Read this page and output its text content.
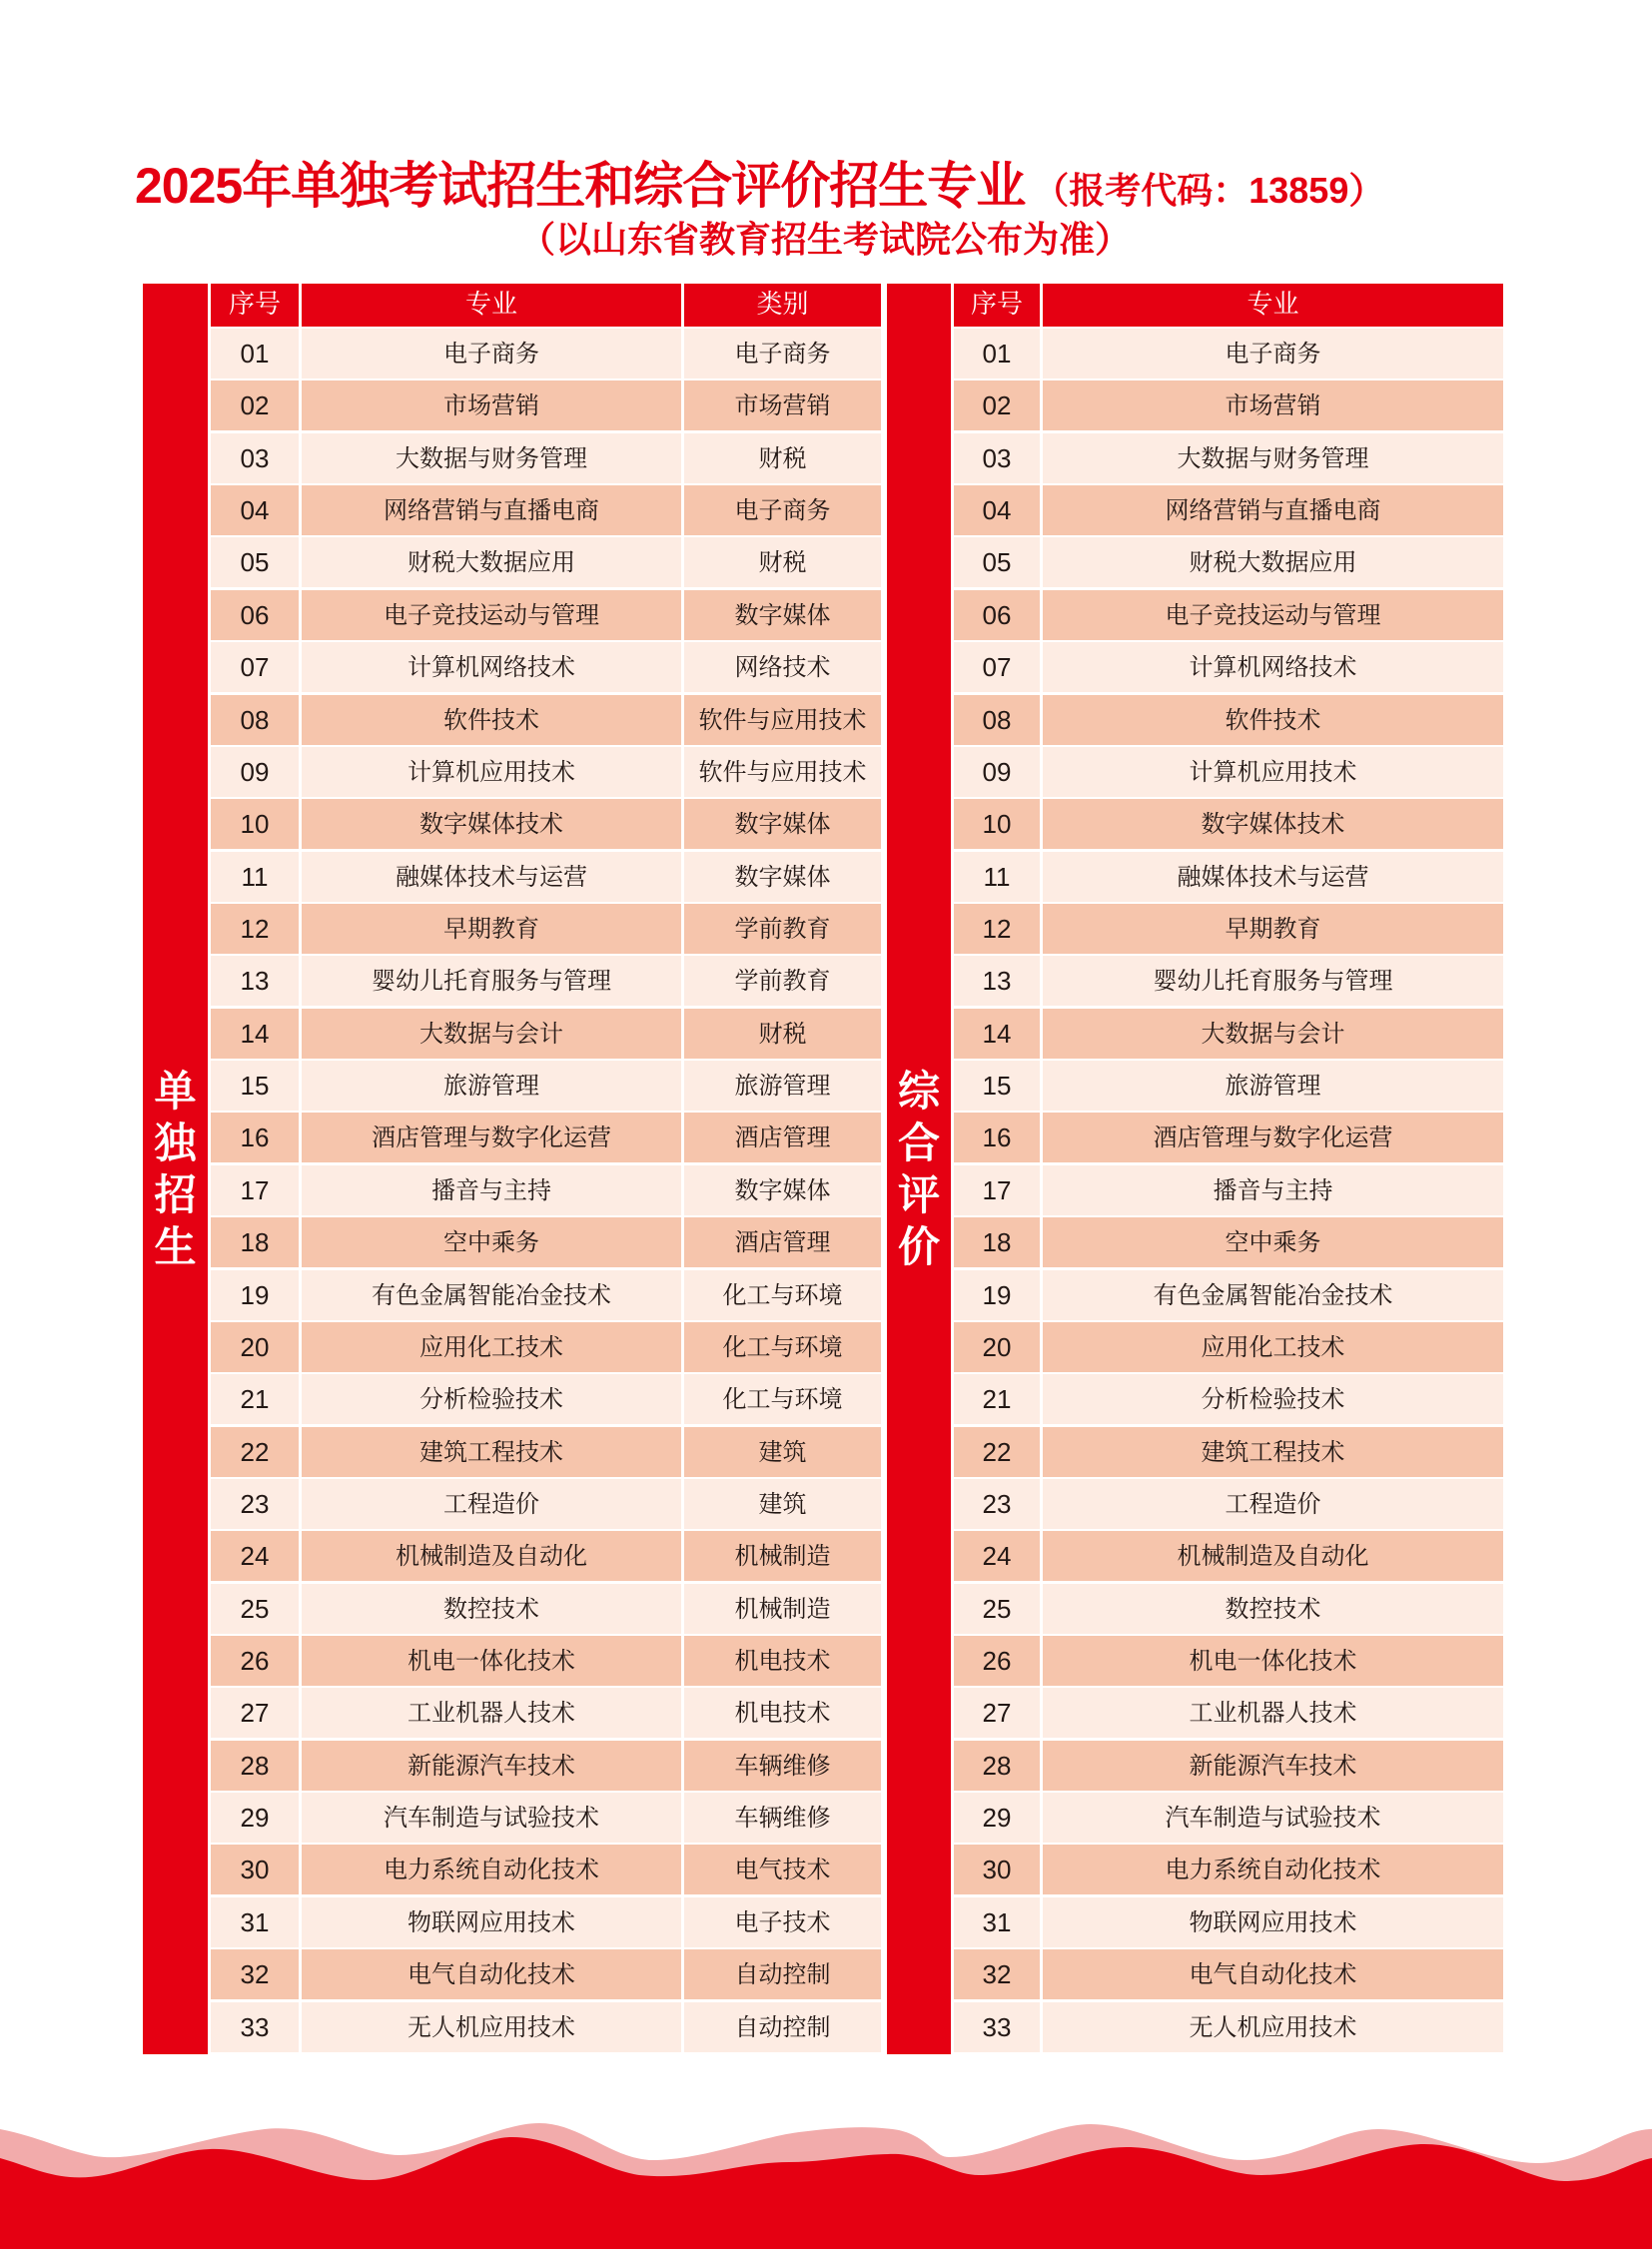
2025年单独考试招生和综合评价招生专业 （报考代码：13859）
（以山东省教育招生考试院公布为准）
单
独
招
生
序号	专业	类别
01	电子商务	电子商务
02	市场营销	市场营销
03	大数据与财务管理	财税
04	网络营销与直播电商	电子商务
05	财税大数据应用	财税
06	电子竞技运动与管理	数字媒体
07	计算机网络技术	网络技术
08	软件技术	软件与应用技术
09	计算机应用技术	软件与应用技术
10	数字媒体技术	数字媒体
11	融媒体技术与运营	数字媒体
12	早期教育	学前教育
13	婴幼儿托育服务与管理	学前教育
14	大数据与会计	财税
15	旅游管理	旅游管理
16	酒店管理与数字化运营	酒店管理
17	播音与主持	数字媒体
18	空中乘务	酒店管理
19	有色金属智能冶金技术	化工与环境
20	应用化工技术	化工与环境
21	分析检验技术	化工与环境
22	建筑工程技术	建筑
23	工程造价	建筑
24	机械制造及自动化	机械制造
25	数控技术	机械制造
26	机电一体化技术	机电技术
27	工业机器人技术	机电技术
28	新能源汽车技术	车辆维修
29	汽车制造与试验技术	车辆维修
30	电力系统自动化技术	电气技术
31	物联网应用技术	电子技术
32	电气自动化技术	自动控制
33	无人机应用技术	自动控制
综
合
评
价
序号	专业
01	电子商务
02	市场营销
03	大数据与财务管理
04	网络营销与直播电商
05	财税大数据应用
06	电子竞技运动与管理
07	计算机网络技术
08	软件技术
09	计算机应用技术
10	数字媒体技术
11	融媒体技术与运营
12	早期教育
13	婴幼儿托育服务与管理
14	大数据与会计
15	旅游管理
16	酒店管理与数字化运营
17	播音与主持
18	空中乘务
19	有色金属智能冶金技术
20	应用化工技术
21	分析检验技术
22	建筑工程技术
23	工程造价
24	机械制造及自动化
25	数控技术
26	机电一体化技术
27	工业机器人技术
28	新能源汽车技术
29	汽车制造与试验技术
30	电力系统自动化技术
31	物联网应用技术
32	电气自动化技术
33	无人机应用技术
